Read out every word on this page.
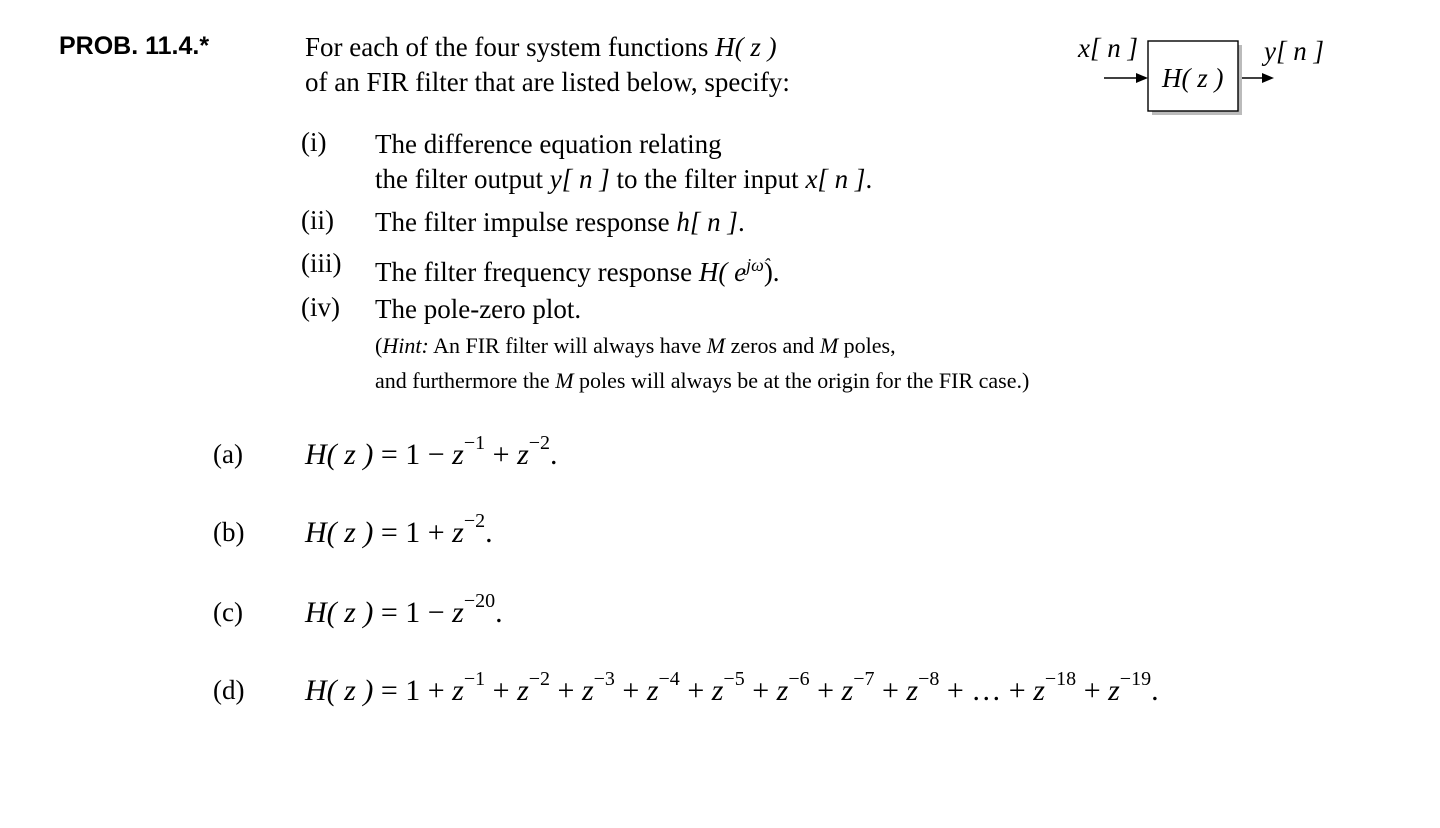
PROB. 11.4.*	For each of the four system functions H( z )
of an FIR filter that are listed below, specify:
x[ n ]
H( z )
y[ n ]
(i) The difference equation relating
the filter output y[ n ] to the filter input x[ n ].
(ii) The filter impulse response h[ n ].
(iii) The filter frequency response H( $e^{j\omegâ}$).
(iv) The pole-zero plot.
(Hint: An FIR filter will always have M zeros and M poles,
and furthermore the M poles will always be at the origin for the FIR case.)
(a) H( z ) = $1 - z^{-1} + z^{-2}$.
(b) H( z ) = $1 + z^{-2}$.
(c) H( z ) = $1 - z^{-20}$.
(d) H( z ) = $1 + z^{-1} + z^{-2} + z^{-3} + z^{-4} + z^{-5} + z^{-6} + z^{-7} + z^{-8}$ + … + $z^{-18} + z^{-19}$.
